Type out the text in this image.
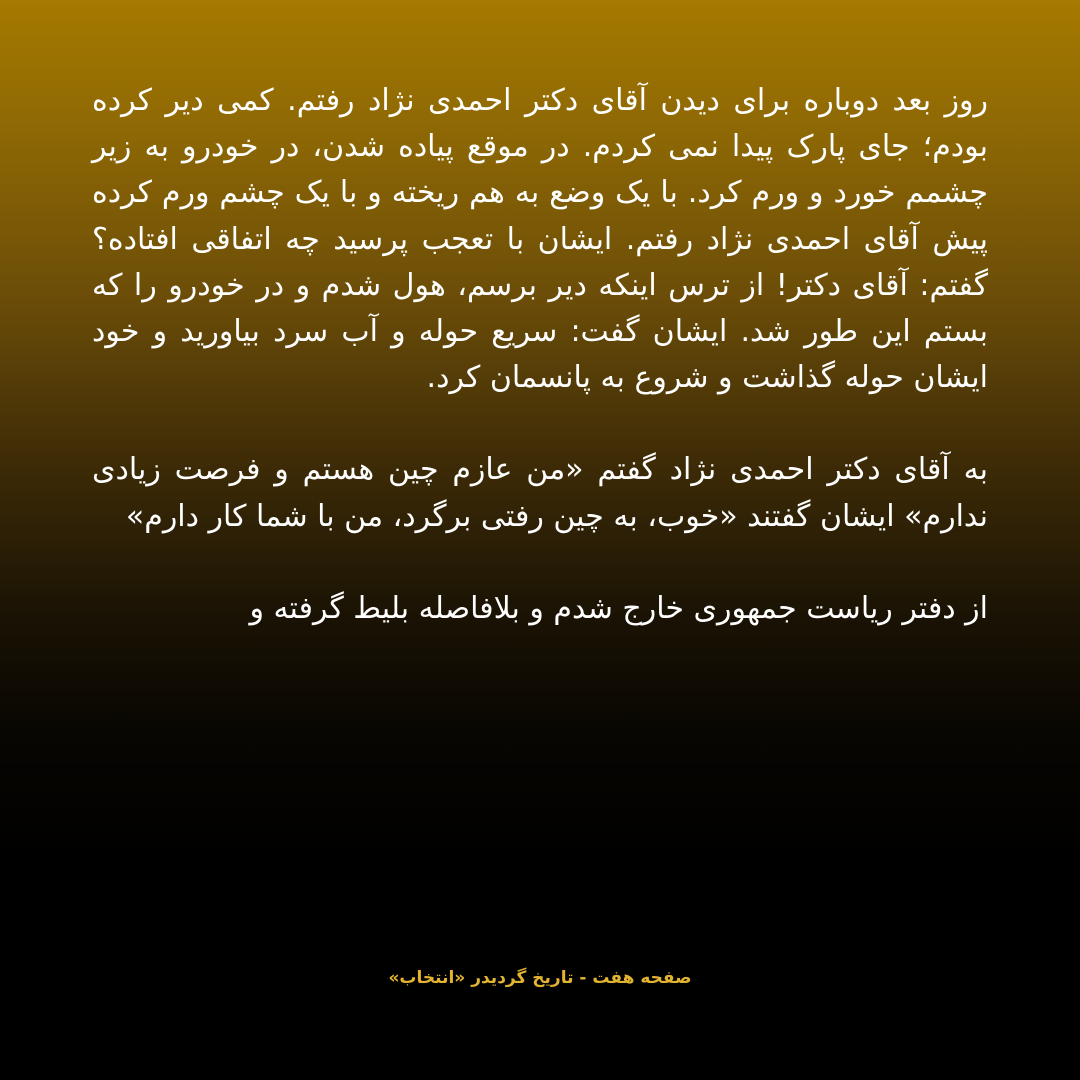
روز بعد دوباره برای دیدن آقای دکتر احمدی نژاد رفتم. کمی دیر کرده بودم؛ جای پارک پیدا نمی کردم. در موقع پیاده شدن، در خودرو به زیر چشمم خورد و ورم کرد. با یک وضع به هم ریخته و با یک چشم ورم کرده پیش آقای احمدی نژاد رفتم. ایشان با تعجب پرسید چه اتفاقی افتاده؟ گفتم: آقای دکتر! از ترس اینکه دیر برسم، هول شدم و در خودرو را که بستم این طور شد. ایشان گفت: سریع حوله و آب سرد بیاورید و خود ایشان حوله گذاشت و شروع به پانسمان کرد.

به آقای دکتر احمدی نژاد گفتم «من عازم چین هستم و فرصت زیادی ندارم» ایشان گفتند «خوب، به چین رفتی برگرد، من با شما کار دارم»

از دفتر ریاست جمهوری خارج شدم و بلافاصله بلیط گرفته و

صفحه هفت - تاریخ گردیدر «انتخاب»
